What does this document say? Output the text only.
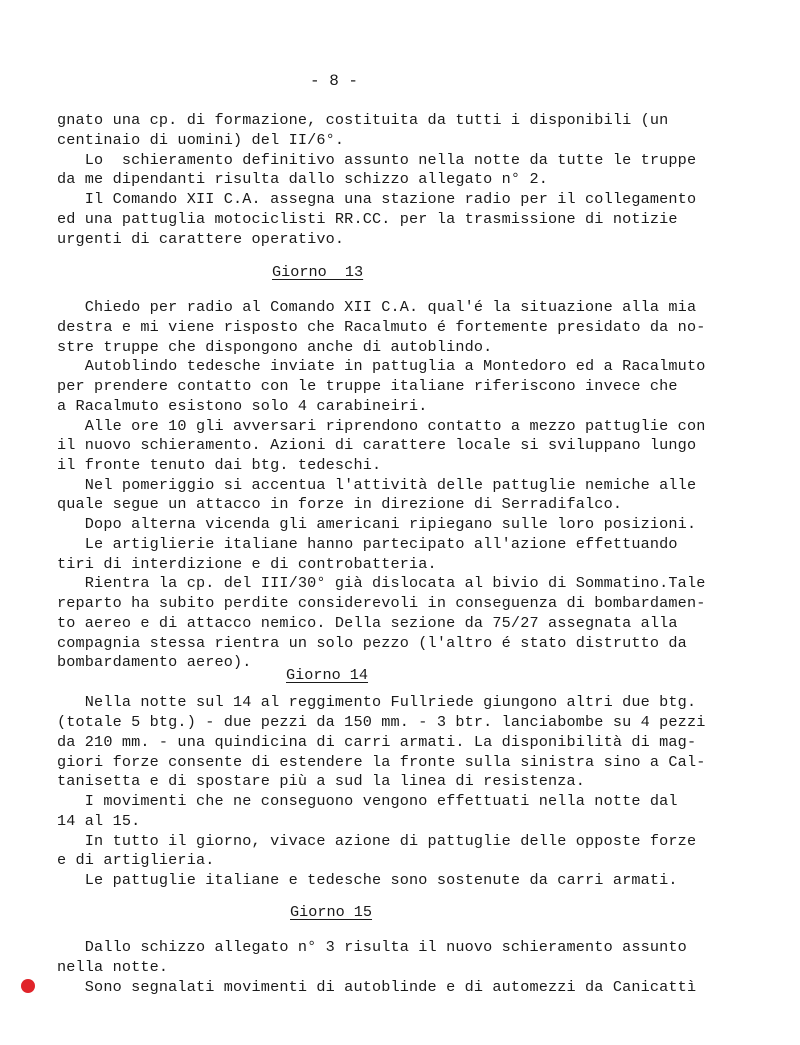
- 8 -
gnato una cp. di formazione, costituita da tutti i disponibili (un
centinaio di uomini) del II/6°.
Lo  schieramento definitivo assunto nella notte da tutte le truppe
da me dipendanti risulta dallo schizzo allegato n° 2.
Il Comando XII C.A. assegna una stazione radio per il collegamento
ed una pattuglia motociclisti RR.CC. per la trasmissione di notizie
urgenti di carattere operativo.
Giorno  13
Chiedo per radio al Comando XII C.A. qual'é la situazione alla mia
destra e mi viene risposto che Racalmuto é fortemente presidato da no-
stre truppe che dispongono anche di autoblindo.
Autoblindo tedesche inviate in pattuglia a Montedoro ed a Racalmuto
per prendere contatto con le truppe italiane riferiscono invece che
a Racalmuto esistono solo 4 carabineiri.
Alle ore 10 gli avversari riprendono contatto a mezzo pattuglie con
il nuovo schieramento. Azioni di carattere locale si sviluppano lungo
il fronte tenuto dai btg. tedeschi.
Nel pomeriggio si accentua l'attività delle pattuglie nemiche alle
quale segue un attacco in forze in direzione di Serradifalco.
Dopo alterna vicenda gli americani ripiegano sulle loro posizioni.
Le artiglierie italiane hanno partecipato all'azione effettuando
tiri di interdizione e di controbatteria.
Rientra la cp. del III/30° già dislocata al bivio di Sommatino.Tale
reparto ha subito perdite considerevoli in conseguenza di bombardamen-
to aereo e di attacco nemico. Della sezione da 75/27 assegnata alla
compagnia stessa rientra un solo pezzo (l'altro é stato distrutto da
bombardamento aereo).
Giorno 14
Nella notte sul 14 al reggimento Fullriede giungono altri due btg.
(totale 5 btg.) - due pezzi da 150 mm. - 3 btr. lanciabombe su 4 pezzi
da 210 mm. - una quindicina di carri armati. La disponibilità di mag-
giori forze consente di estendere la fronte sulla sinistra sino a Cal-
tanisetta e di spostare più a sud la linea di resistenza.
I movimenti che ne conseguono vengono effettuati nella notte dal
14 al 15.
In tutto il giorno, vivace azione di pattuglie delle opposte forze
e di artiglieria.
Le pattuglie italiane e tedesche sono sostenute da carri armati.
Giorno 15
Dallo schizzo allegato n° 3 risulta il nuovo schieramento assunto
nella notte.
Sono segnalati movimenti di autoblinde e di automezzi da Canicattì
